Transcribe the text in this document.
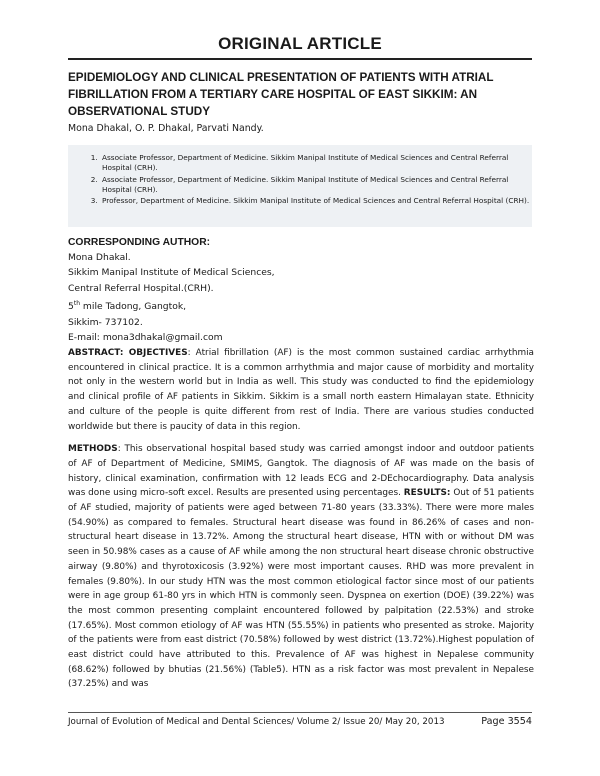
ORIGINAL ARTICLE
EPIDEMIOLOGY AND CLINICAL PRESENTATION OF PATIENTS WITH ATRIAL FIBRILLATION FROM A TERTIARY CARE HOSPITAL OF EAST SIKKIM: AN OBSERVATIONAL STUDY
Mona Dhakal, O. P. Dhakal, Parvati Nandy.
1. Associate Professor, Department of Medicine. Sikkim Manipal Institute of Medical Sciences and Central Referral Hospital (CRH).
2. Associate Professor, Department of Medicine. Sikkim Manipal Institute of Medical Sciences and Central Referral Hospital (CRH).
3. Professor, Department of Medicine. Sikkim Manipal Institute of Medical Sciences and Central Referral Hospital (CRH).
CORRESPONDING AUTHOR:
Mona Dhakal.
Sikkim Manipal Institute of Medical Sciences,
Central Referral Hospital.(CRH).
5th mile Tadong, Gangtok,
Sikkim- 737102.
E-mail: mona3dhakal@gmail.com

ABSTRACT: OBJECTIVES: Atrial fibrillation (AF) is the most common sustained cardiac arrhythmia encountered in clinical practice. It is a common arrhythmia and major cause of morbidity and mortality not only in the western world but in India as well. This study was conducted to find the epidemiology and clinical profile of AF patients in Sikkim. Sikkim is a small north eastern Himalayan state. Ethnicity and culture of the people is quite different from rest of India. There are various studies conducted worldwide but there is paucity of data in this region.

METHODS: This observational hospital based study was carried amongst indoor and outdoor patients of AF of Department of Medicine, SMIMS, Gangtok. The diagnosis of AF was made on the basis of history, clinical examination, confirmation with 12 leads ECG and 2-DEchocardiography. Data analysis was done using micro-soft excel. Results are presented using percentages. RESULTS: Out of 51 patients of AF studied, majority of patients were aged between 71-80 years (33.33%). There were more males (54.90%) as compared to females. Structural heart disease was found in 86.26% of cases and non-structural heart disease in 13.72%. Among the structural heart disease, HTN with or without DM was seen in 50.98% cases as a cause of AF while among the non structural heart disease chronic obstructive airway (9.80%) and thyrotoxicosis (3.92%) were most important causes. RHD was more prevalent in females (9.80%). In our study HTN was the most common etiological factor since most of our patients were in age group 61-80 yrs in which HTN is commonly seen. Dyspnea on exertion (DOE) (39.22%) was the most common presenting complaint encountered followed by palpitation (22.53%) and stroke (17.65%). Most common etiology of AF was HTN (55.55%) in patients who presented as stroke. Majority of the patients were from east district (70.58%) followed by west district (13.72%).Highest population of east district could have attributed to this. Prevalence of AF was highest in Nepalese community (68.62%) followed by bhutias (21.56%) (Table5). HTN as a risk factor was most prevalent in Nepalese (37.25%) and was

Journal of Evolution of Medical and Dental Sciences/ Volume 2/ Issue 20/ May 20, 2013	Page 3554
